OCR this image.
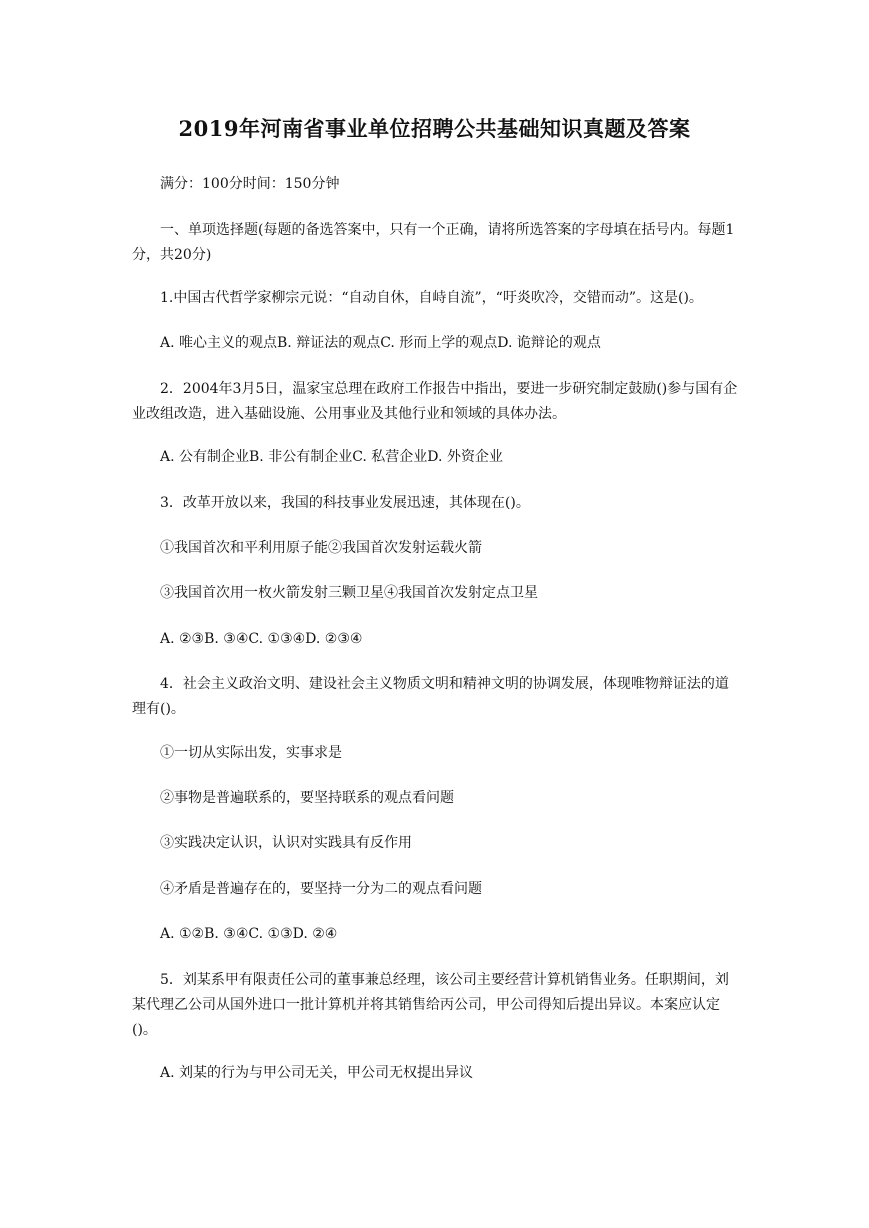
2019年河南省事业单位招聘公共基础知识真题及答案

满分：100分时间：150分钟

一、单项选择题(每题的备选答案中，只有一个正确，请将所选答案的字母填在括号内。每题1分，共20分)

1.中国古代哲学家柳宗元说：“自动自休，自峙自流”，“吁炎吹冷，交错而动”。这是()。

A. 唯心主义的观点B. 辩证法的观点C. 形而上学的观点D. 诡辩论的观点

2．2004年3月5日，温家宝总理在政府工作报告中指出，要进一步研究制定鼓励()参与国有企业改组改造，进入基础设施、公用事业及其他行业和领域的具体办法。

A. 公有制企业B. 非公有制企业C. 私营企业D. 外资企业

3．改革开放以来，我国的科技事业发展迅速，其体现在()。

①我国首次和平利用原子能②我国首次发射运载火箭

③我国首次用一枚火箭发射三颗卫星④我国首次发射定点卫星

A. ②③B. ③④C. ①③④D. ②③④

4．社会主义政治文明、建设社会主义物质文明和精神文明的协调发展，体现唯物辩证法的道理有()。

①一切从实际出发，实事求是

②事物是普遍联系的，要坚持联系的观点看问题

③实践决定认识，认识对实践具有反作用

④矛盾是普遍存在的，要坚持一分为二的观点看问题

A. ①②B. ③④C. ①③D. ②④

5．刘某系甲有限责任公司的董事兼总经理，该公司主要经营计算机销售业务。任职期间，刘某代理乙公司从国外进口一批计算机并将其销售给丙公司，甲公司得知后提出异议。本案应认定()。

A. 刘某的行为与甲公司无关，甲公司无权提出异议
